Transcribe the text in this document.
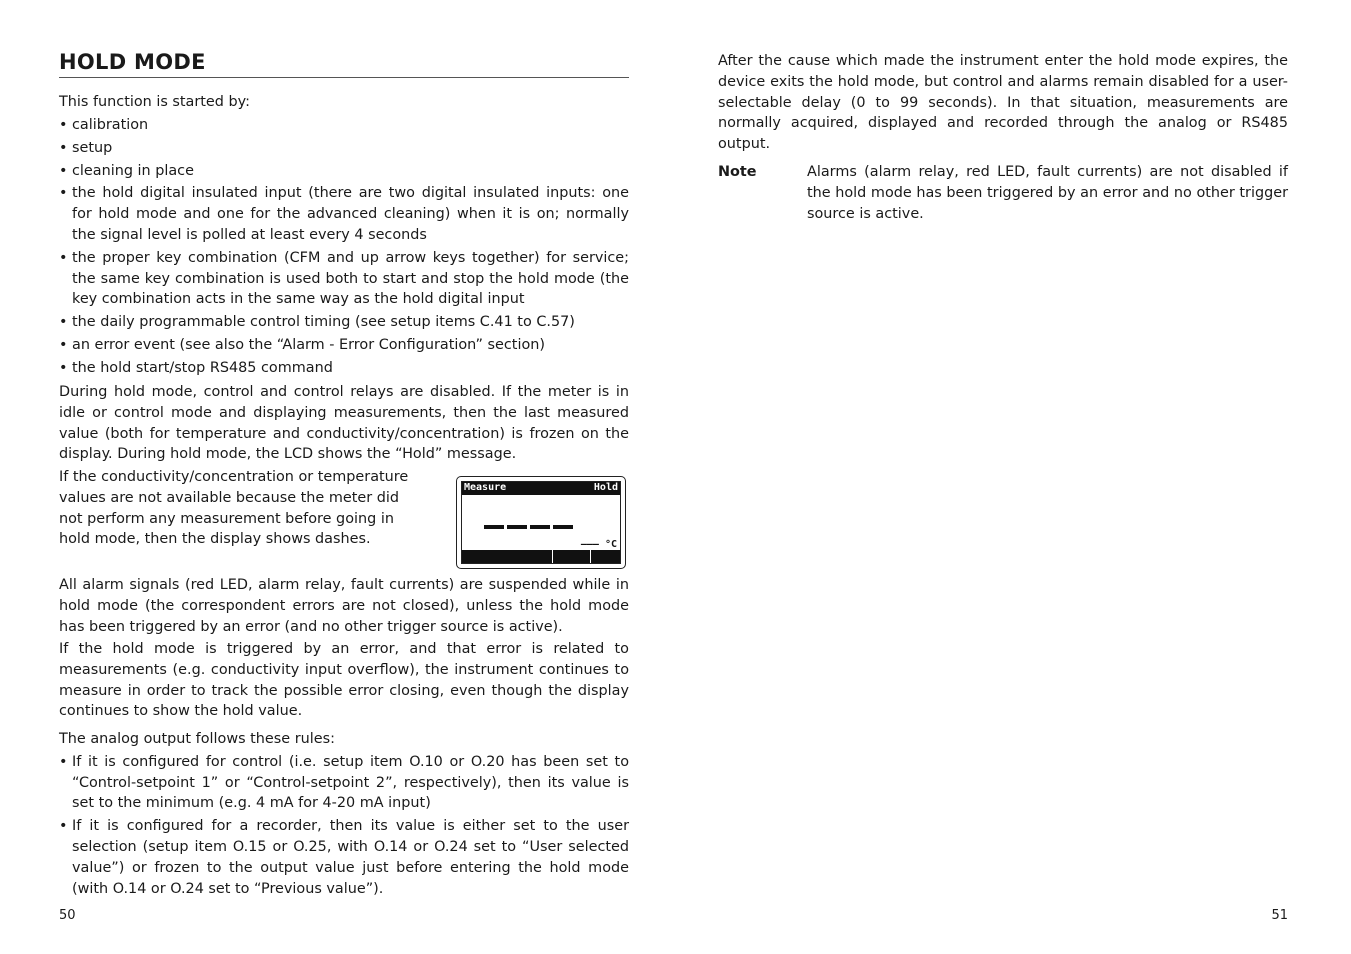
HOLD MODE

This function is started by:

• calibration

• setup

• cleaning in place

• the hold digital insulated input (there are two digital insulated inputs: one for hold mode and one for the advanced cleaning) when it is on; normally the signal level is polled at least every 4 seconds

• the proper key combination (CFM and up arrow keys together) for service; the same key combination is used both to start and stop the hold mode (the key combination acts in the same way as the hold digital input

• the daily programmable control timing (see setup items C.41 to C.57)

• an error event (see also the “Alarm - Error Configuration” section)

• the hold start/stop RS485 command

During hold mode, control and control relays are disabled. If the meter is in idle or control mode and displaying measurements, then the last measured value (both for temperature and conductivity/concentration) is frozen on the display. During hold mode, the LCD shows the “Hold” message.

If the conductivity/concentration or temperature values are not available because the meter did not perform any measurement before going in hold mode, then the display shows dashes.

Measure	Hold
––– °C

All alarm signals (red LED, alarm relay, fault currents) are suspended while in hold mode (the correspondent errors are not closed), unless the hold mode has been triggered by an error (and no other trigger source is active).

If the hold mode is triggered by an error, and that error is related to measurements (e.g. conductivity input overflow), the instrument continues to measure in order to track the possible error closing, even though the display continues to show the hold value.

The analog output follows these rules:

• If it is configured for control (i.e. setup item O.10 or O.20 has been set to “Control-setpoint 1” or “Control-setpoint 2”, respectively), then its value is set to the minimum (e.g. 4 mA for 4-20 mA input)

• If it is configured for a recorder, then its value is either set to the user selection (setup item O.15 or O.25, with O.14 or O.24 set to “User selected value”) or frozen to the output value just before entering the hold mode (with O.14 or O.24 set to “Previous value”).

50

After the cause which made the instrument enter the hold mode expires, the device exits the hold mode, but control and alarms remain disabled for a user-selectable delay (0 to 99 seconds). In that situation, measurements are normally acquired, displayed and recorded through the analog or RS485 output.

Note	Alarms (alarm relay, red LED, fault currents) are not disabled if the hold mode has been triggered by an error and no other trigger source is active.

51
